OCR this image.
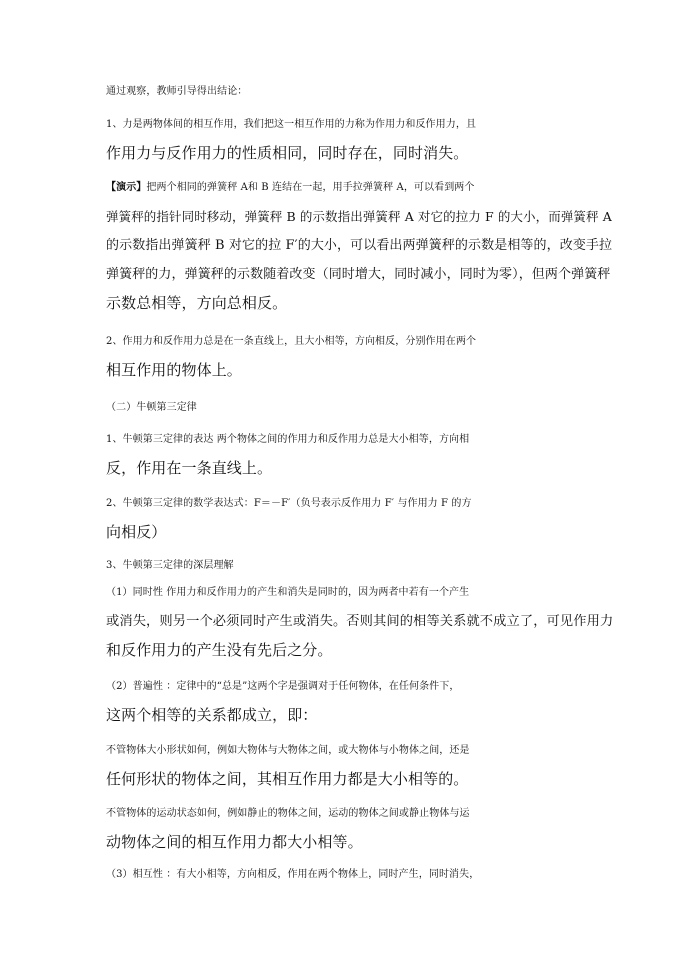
通过观察，教师引导得出结论：

1、力是两物体间的相互作用，我们把这一相互作用的力称为作用力和反作用力，且
作用力与反作用力的性质相同，同时存在，同时消失。

【演示】把两个相同的弹簧秤 A和 B 连结在一起，用手拉弹簧秤 A，可以看到两个
弹簧秤的指针同时移动，弹簧秤 B 的示数指出弹簧秤 A 对它的拉力 F 的大小，而弹簧秤 A
的示数指出弹簧秤 B 对它的拉 F′的大小，可以看出两弹簧秤的示数是相等的，改变手拉
弹簧秤的力，弹簧秤的示数随着改变（同时增大，同时减小，同时为零），但两个弹簧秤
示数总相等，方向总相反。

2、作用力和反作用力总是在一条直线上，且大小相等，方向相反，分别作用在两个
相互作用的物体上。

（二）牛顿第三定律

1、牛顿第三定律的表达 两个物体之间的作用力和反作用力总是大小相等，方向相
反，作用在一条直线上。

2、牛顿第三定律的数学表达式：F＝－F′（负号表示反作用力 F′ 与作用力 F 的方
向相反）

3、牛顿第三定律的深层理解

（1）同时性 作用力和反作用力的产生和消失是同时的，因为两者中若有一个产生
或消失，则另一个必须同时产生或消失。否则其间的相等关系就不成立了，可见作用力
和反作用力的产生没有先后之分。

（2）普遍性 ：定律中的“总是”这两个字是强调对于任何物体，在任何条件下，
这两个相等的关系都成立，即：

不管物体大小形状如何，例如大物体与大物体之间，或大物体与小物体之间，还是
任何形状的物体之间，其相互作用力都是大小相等的。

不管物体的运动状态如何，例如静止的物体之间，运动的物体之间或静止物体与运
动物体之间的相互作用力都大小相等。

（3）相互性 ：有大小相等，方向相反，作用在两个物体上，同时产生，同时消失，
